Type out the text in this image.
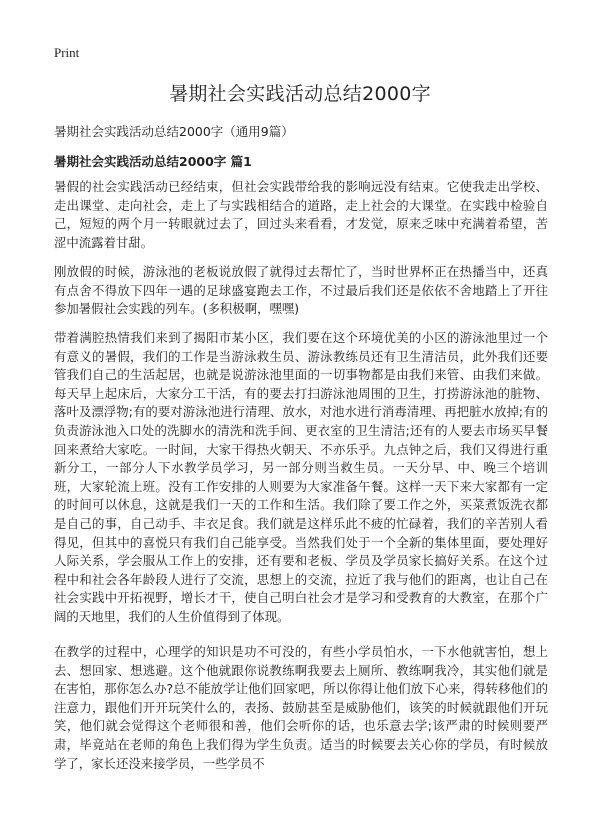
Print
暑期社会实践活动总结2000字

暑期社会实践活动总结2000字（通用9篇）

暑期社会实践活动总结2000字 篇1

暑假的社会实践活动已经结束，但社会实践带给我的影响远没有结束。它使我走出学校、走出课堂、走向社会，走上了与实践相结合的道路，走上社会的大课堂。在实践中检验自己，短短的两个月一转眼就过去了，回过头来看看，才发觉，原来乏味中充满着希望，苦涩中流露着甘甜。

刚放假的时候，游泳池的老板说放假了就得过去帮忙了，当时世界杯正在热播当中，还真有点舍不得放下四年一遇的足球盛宴跑去工作，不过最后我们还是依依不舍地踏上了开往参加暑假社会实践的列车。(多积极啊，嘿嘿)

带着满腔热情我们来到了揭阳市某小区，我们要在这个环境优美的小区的游泳池里过一个有意义的暑假，我们的工作是当游泳救生员、游泳教练员还有卫生清洁员，此外我们还要管我们自己的生活起居，也就是说游泳池里面的一切事物都是由我们来管、由我们来做。每天早上起床后，大家分工干活，有的要去打扫游泳池周围的卫生，打捞游泳池的脏物、落叶及漂浮物;有的要对游泳池进行清理、放水，对池水进行消毒清理、再把脏水放掉;有的负责游泳池入口处的洗脚水的清洗和洗手间、更衣室的卫生清洁;还有的人要去市场买早餐回来煮给大家吃。一时间，大家干得热火朝天、不亦乐乎。九点钟之后，我们又得进行重新分工，一部分人下水教学员学习，另一部分则当救生员。一天分早、中、晚三个培训班，大家轮流上班。没有工作安排的人则要为大家准备午餐。这样一天下来大家都有一定的时间可以休息，这就是我们一天的工作和生活。我们除了要工作之外，买菜煮饭洗衣都是自己的事，自己动手、丰衣足食。我们就是这样乐此不疲的忙碌着，我们的辛苦别人看得见，但其中的喜悦只有我们自己能享受。当然我们处于一个全新的集体里面，要处理好人际关系，学会服从工作上的安排，还有要和老板、学员及学员家长搞好关系。在这个过程中和社会各年龄段人进行了交流，思想上的交流，拉近了我与他们的距离，也让自己在社会实践中开拓视野，增长才干，使自己明白社会才是学习和受教育的大教室，在那个广阔的天地里，我们的人生价值得到了体现。

在教学的过程中，心理学的知识是功不可没的，有些小学员怕水，一下水他就害怕，想上去、想回家、想逃避。这个他就跟你说教练啊我要去上厕所、教练啊我冷，其实他们就是在害怕，那你怎么办?总不能放学让他们回家吧，所以你得让他们放下心来，得转移他们的注意力，跟他们开开玩笑什么的，表扬、鼓励甚至是威胁他们，该笑的时候就跟他们开玩笑，他们就会觉得这个老师很和善，他们会听你的话，也乐意去学;该严肃的时候则要严肃，毕竟站在老师的角色上我们得为学生负责。适当的时候要去关心你的学员，有时候放学了，家长还没来接学员，一些学员不
